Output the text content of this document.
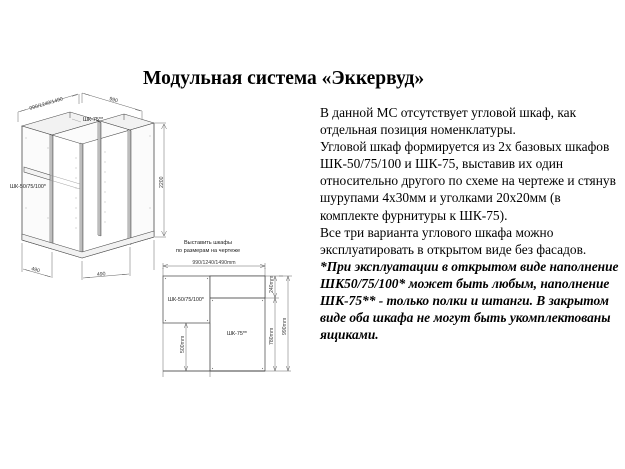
Модульная система «Эккервуд»

В данной МС отсутствует угловой шкаф, как отдельная позиция номенклатуры.

Угловой шкаф формируется из 2х базовых шкафов ШК-50/75/100 и ШК-75, выставив их один относительно другого по схеме на чертеже и стянув шурупами 4х30мм и уголками 20х20мм (в комплекте фурнитуры к ШК-75).

Все три варианта углового шкафа можно эксплуатировать в открытом виде без фасадов.

*При эксплуатации в открытом виде наполнение ШК50/75/100* может быть любым, наполнение ШК-75** - только полки и штанги. В закрытом виде оба шкафа не могут быть укомплектованы ящиками.

990/1240/1490	990
ШК-75**
ШК-50/75/100*	2200
490
490
Выставить шкафы
по размерам на чертеже
990/1240/1490mm
ШК-50/75/100*
ШК-75**
500mm
240mm
780mm
990mm
